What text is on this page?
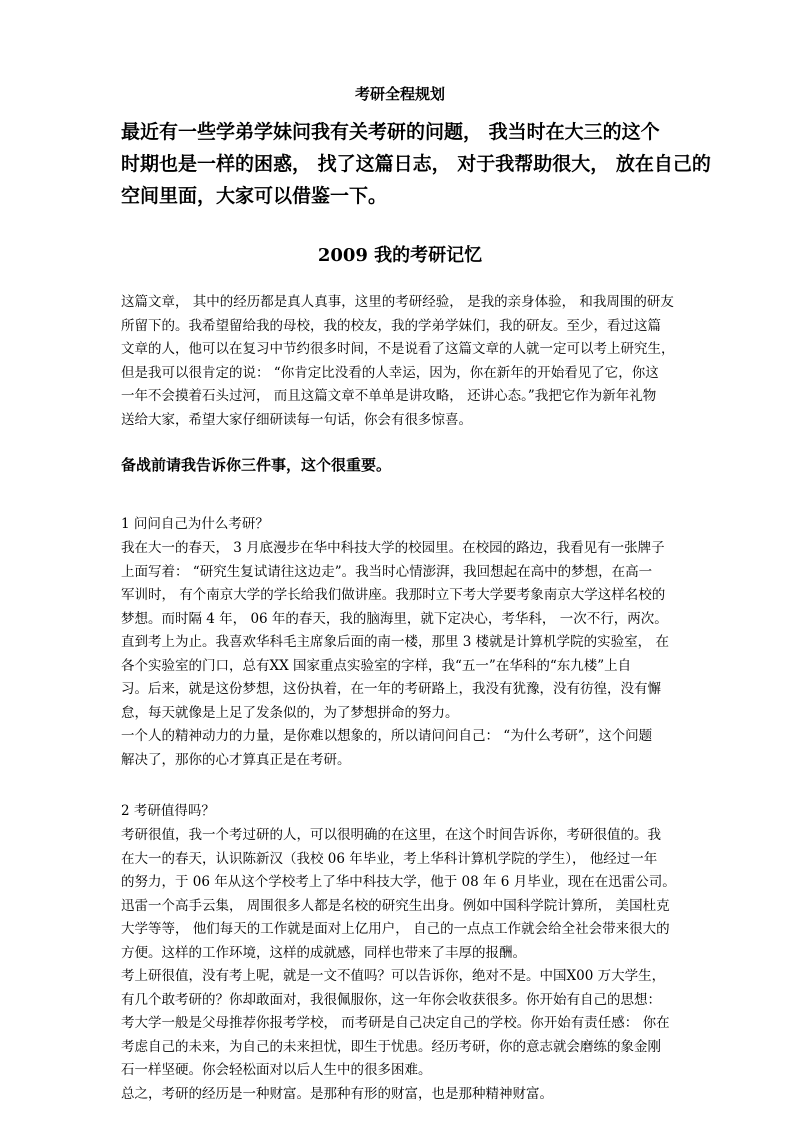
考研全程规划
最近有一些学弟学妹问我有关考研的问题， 我当时在大三的这个
时期也是一样的困惑， 找了这篇日志， 对于我帮助很大， 放在自己的
空间里面，大家可以借鉴一下。
2009 我的考研记忆
这篇文章， 其中的经历都是真人真事，这里的考研经验， 是我的亲身体验， 和我周围的研友
所留下的。我希望留给我的母校，我的校友，我的学弟学妹们，我的研友。至少，看过这篇
文章的人，他可以在复习中节约很多时间，不是说看了这篇文章的人就一定可以考上研究生，
但是我可以很肯定的说： “你肯定比没看的人幸运，因为，你在新年的开始看见了它，你这
一年不会摸着石头过河， 而且这篇文章不单单是讲攻略， 还讲心态。”我把它作为新年礼物
送给大家，希望大家仔细研读每一句话，你会有很多惊喜。
备战前请我告诉你三件事，这个很重要。
1 问问自己为什么考研？
我在大一的春天， 3 月底漫步在华中科技大学的校园里。在校园的路边，我看见有一张牌子
上面写着： “研究生复试请往这边走”。我当时心情澎湃，我回想起在高中的梦想，在高一
军训时， 有个南京大学的学长给我们做讲座。我那时立下考大学要考象南京大学这样名校的
梦想。而时隔 4 年， 06 年的春天，我的脑海里，就下定决心，考华科， 一次不行，两次。
直到考上为止。我喜欢华科毛主席象后面的南一楼，那里 3 楼就是计算机学院的实验室， 在
各个实验室的门口，总有XX 国家重点实验室的字样，我“五一”在华科的“东九楼”上自
习。后来，就是这份梦想，这份执着，在一年的考研路上，我没有犹豫，没有彷徨，没有懈
怠，每天就像是上足了发条似的，为了梦想拼命的努力。
一个人的精神动力的力量，是你难以想象的，所以请问问自己： “为什么考研”，这个问题
解决了，那你的心才算真正是在考研。
2 考研值得吗？
考研很值，我一个考过研的人，可以很明确的在这里，在这个时间告诉你，考研很值的。我
在大一的春天，认识陈新汉（我校 06 年毕业，考上华科计算机学院的学生）， 他经过一年
的努力，于 06 年从这个学校考上了华中科技大学，他于 08 年 6 月毕业，现在在迅雷公司。
迅雷一个高手云集， 周围很多人都是名校的研究生出身。例如中国科学院计算所， 美国杜克
大学等等， 他们每天的工作就是面对上亿用户， 自己的一点点工作就会给全社会带来很大的
方便。这样的工作环境，这样的成就感，同样也带来了丰厚的报酬。
考上研很值，没有考上呢，就是一文不值吗？可以告诉你，绝对不是。中国X00 万大学生，
有几个敢考研的？你却敢面对，我很佩服你，这一年你会收获很多。你开始有自己的思想：
考大学一般是父母推荐你报考学校， 而考研是自己决定自己的学校。你开始有责任感： 你在
考虑自己的未来，为自己的未来担忧，即生于忧患。经历考研，你的意志就会磨练的象金刚
石一样坚硬。你会轻松面对以后人生中的很多困难。
总之，考研的经历是一种财富。是那种有形的财富，也是那种精神财富。
